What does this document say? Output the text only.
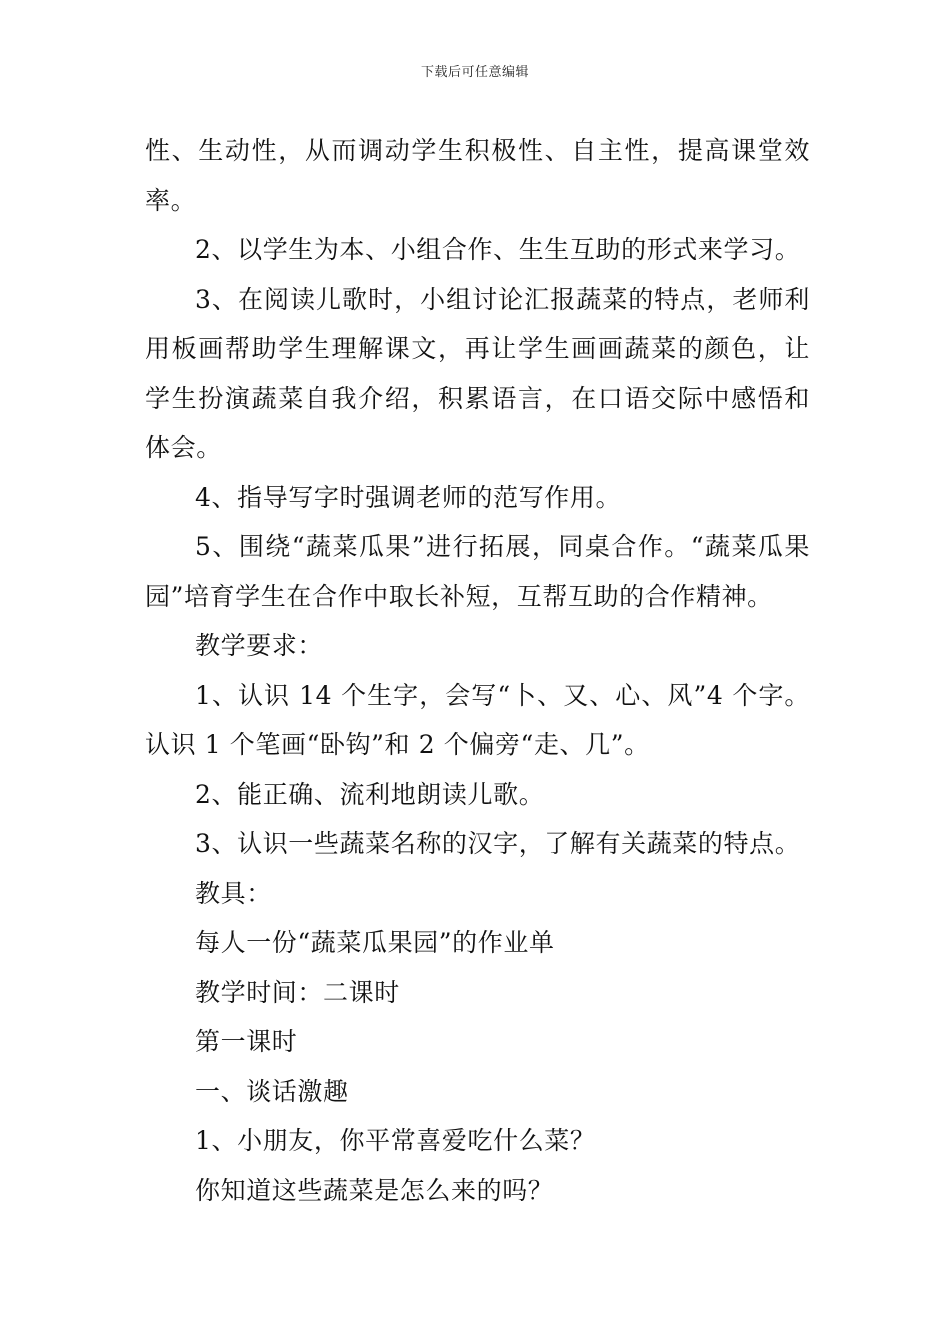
下载后可任意编辑

性、生动性，从而调动学生积极性、自主性，提高课堂效率。

2、以学生为本、小组合作、生生互助的形式来学习。

3、在阅读儿歌时，小组讨论汇报蔬菜的特点，老师利用板画帮助学生理解课文，再让学生画画蔬菜的颜色，让学生扮演蔬菜自我介绍，积累语言，在口语交际中感悟和体会。

4、指导写字时强调老师的范写作用。

5、围绕“蔬菜瓜果”进行拓展，同桌合作。“蔬菜瓜果园”培育学生在合作中取长补短，互帮互助的合作精神。

教学要求：

1、认识 14 个生字，会写“卜、又、心、风”4 个字。认识 1 个笔画“卧钩”和 2 个偏旁“走、几”。

2、能正确、流利地朗读儿歌。

3、认识一些蔬菜名称的汉字，了解有关蔬菜的特点。

教具：

每人一份“蔬菜瓜果园”的作业单

教学时间：二课时

第一课时

一、谈话激趣

1、小朋友，你平常喜爱吃什么菜？

你知道这些蔬菜是怎么来的吗？
